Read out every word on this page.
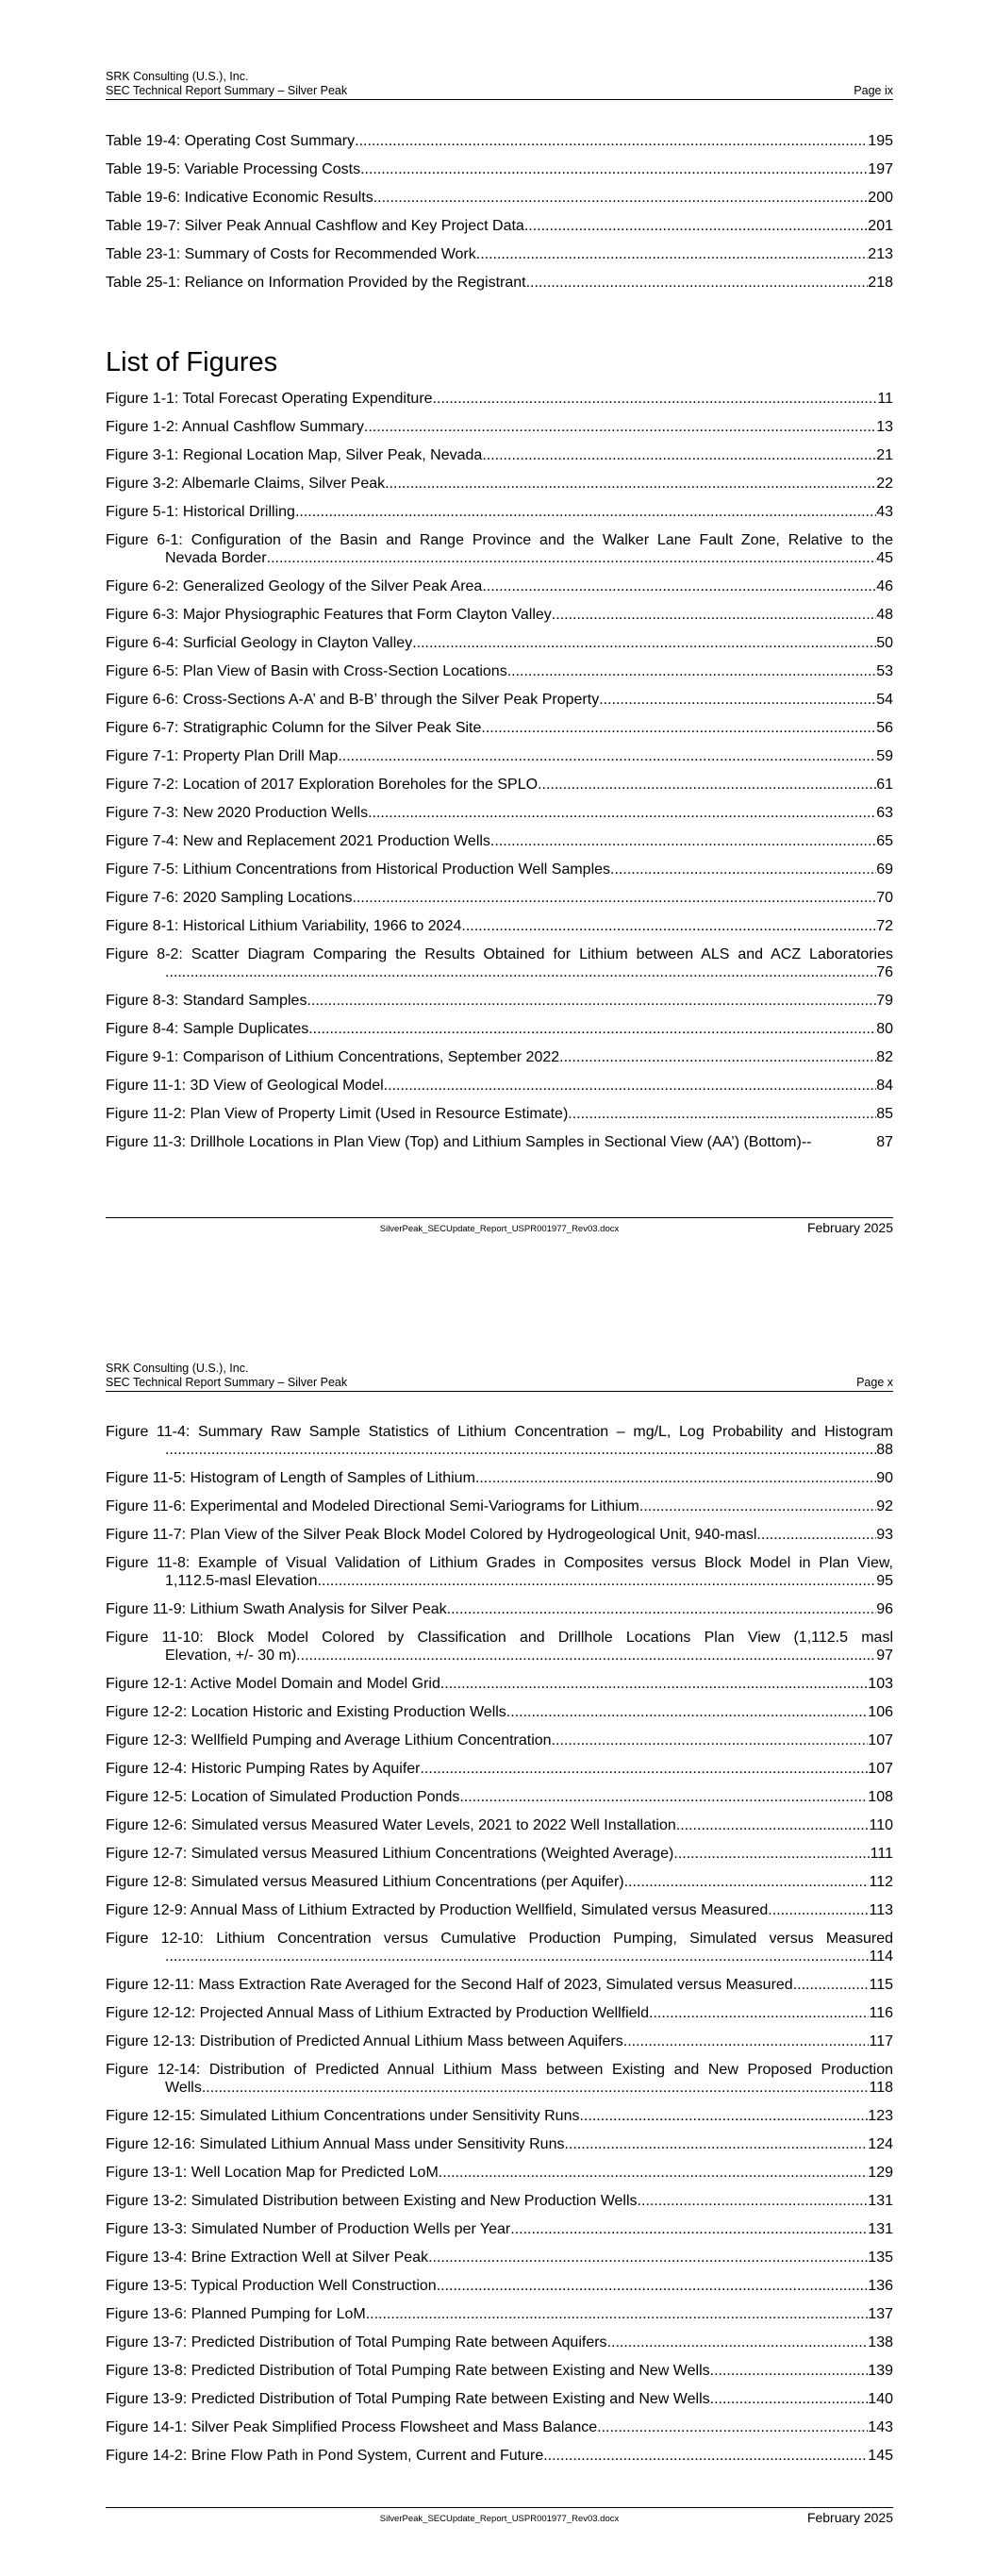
SRK Consulting (U.S.), Inc.
SEC Technical Report Summary – Silver Peak	Page ix
Table 19-4: Operating Cost Summary .....	195
Table 19-5: Variable Processing Costs .....	197
Table 19-6: Indicative Economic Results .....	200
Table 19-7: Silver Peak Annual Cashflow and Key Project Data .....	201
Table 23-1: Summary of Costs for Recommended Work .....	213
Table 25-1: Reliance on Information Provided by the Registrant .....	218
List of Figures
Figure 1-1: Total Forecast Operating Expenditure .....	11
Figure 1-2: Annual Cashflow Summary .....	13
Figure 3-1: Regional Location Map, Silver Peak, Nevada .....	21
Figure 3-2: Albemarle Claims, Silver Peak .....	22
Figure 5-1: Historical Drilling .....	43
Figure 6-1: Configuration of the Basin and Range Province and the Walker Lane Fault Zone, Relative to the
Nevada Border .....	45
Figure 6-2: Generalized Geology of the Silver Peak Area .....	46
Figure 6-3: Major Physiographic Features that Form Clayton Valley .....	48
Figure 6-4: Surficial Geology in Clayton Valley .....	50
Figure 6-5: Plan View of Basin with Cross-Section Locations .....	53
Figure 6-6: Cross-Sections A-A’ and B-B’ through the Silver Peak Property .....	54
Figure 6-7: Stratigraphic Column for the Silver Peak Site .....	56
Figure 7-1: Property Plan Drill Map .....	59
Figure 7-2: Location of 2017 Exploration Boreholes for the SPLO .....	61
Figure 7-3: New 2020 Production Wells .....	63
Figure 7-4: New and Replacement 2021 Production Wells .....	65
Figure 7-5: Lithium Concentrations from Historical Production Well Samples .....	69
Figure 7-6: 2020 Sampling Locations .....	70
Figure 8-1: Historical Lithium Variability, 1966 to 2024 .....	72
Figure 8-2: Scatter Diagram Comparing the Results Obtained for Lithium between ALS and ACZ Laboratories
.....
76
Figure 8-3: Standard Samples .....	79
Figure 8-4: Sample Duplicates .....	80
Figure 9-1: Comparison of Lithium Concentrations, September 2022 .....	82
Figure 11-1: 3D View of Geological Model .....	84
Figure 11-2: Plan View of Property Limit (Used in Resource Estimate) .....	85
Figure 11-3: Drillhole Locations in Plan View (Top) and Lithium Samples in Sectional View (AA’) (Bottom)--	87
SilverPeak_SECUpdate_Report_USPR001977_Rev03.docx	February 2025
SRK Consulting (U.S.), Inc.
SEC Technical Report Summary – Silver Peak	Page x
Figure 11-4: Summary Raw Sample Statistics of Lithium Concentration – mg/L, Log Probability and Histogram
.....
88
Figure 11-5: Histogram of Length of Samples of Lithium .....	90
Figure 11-6: Experimental and Modeled Directional Semi-Variograms for Lithium .....	92
Figure 11-7: Plan View of the Silver Peak Block Model Colored by Hydrogeological Unit, 940-masl .....	93
Figure 11-8: Example of Visual Validation of Lithium Grades in Composites versus Block Model in Plan View,
1,112.5-masl Elevation .....	95
Figure 11-9: Lithium Swath Analysis for Silver Peak .....	96
Figure 11-10: Block Model Colored by Classification and Drillhole Locations Plan View (1,112.5 masl
Elevation, +/- 30 m) .....	97
Figure 12-1: Active Model Domain and Model Grid .....	103
Figure 12-2: Location Historic and Existing Production Wells .....	106
Figure 12-3: Wellfield Pumping and Average Lithium Concentration .....	107
Figure 12-4: Historic Pumping Rates by Aquifer .....	107
Figure 12-5: Location of Simulated Production Ponds .....	108
Figure 12-6: Simulated versus Measured Water Levels, 2021 to 2022 Well Installation .....	110
Figure 12-7: Simulated versus Measured Lithium Concentrations (Weighted Average) .....	111
Figure 12-8: Simulated versus Measured Lithium Concentrations (per Aquifer) .....	112
Figure 12-9: Annual Mass of Lithium Extracted by Production Wellfield, Simulated versus Measured .....	113
Figure 12-10: Lithium Concentration versus Cumulative Production Pumping, Simulated versus Measured
.....
114
Figure 12-11: Mass Extraction Rate Averaged for the Second Half of 2023, Simulated versus Measured .....	115
Figure 12-12: Projected Annual Mass of Lithium Extracted by Production Wellfield .....	116
Figure 12-13: Distribution of Predicted Annual Lithium Mass between Aquifers .....	117
Figure 12-14: Distribution of Predicted Annual Lithium Mass between Existing and New Proposed Production
Wells .....	118
Figure 12-15: Simulated Lithium Concentrations under Sensitivity Runs .....	123
Figure 12-16: Simulated Lithium Annual Mass under Sensitivity Runs .....	124
Figure 13-1: Well Location Map for Predicted LoM .....	129
Figure 13-2: Simulated Distribution between Existing and New Production Wells .....	131
Figure 13-3: Simulated Number of Production Wells per Year .....	131
Figure 13-4: Brine Extraction Well at Silver Peak .....	135
Figure 13-5: Typical Production Well Construction .....	136
Figure 13-6: Planned Pumping for LoM .....	137
Figure 13-7: Predicted Distribution of Total Pumping Rate between Aquifers .....	138
Figure 13-8: Predicted Distribution of Total Pumping Rate between Existing and New Wells .....	139
Figure 13-9: Predicted Distribution of Total Pumping Rate between Existing and New Wells .....	140
Figure 14-1: Silver Peak Simplified Process Flowsheet and Mass Balance .....	143
Figure 14-2: Brine Flow Path in Pond System, Current and Future .....	145
SilverPeak_SECUpdate_Report_USPR001977_Rev03.docx	February 2025
